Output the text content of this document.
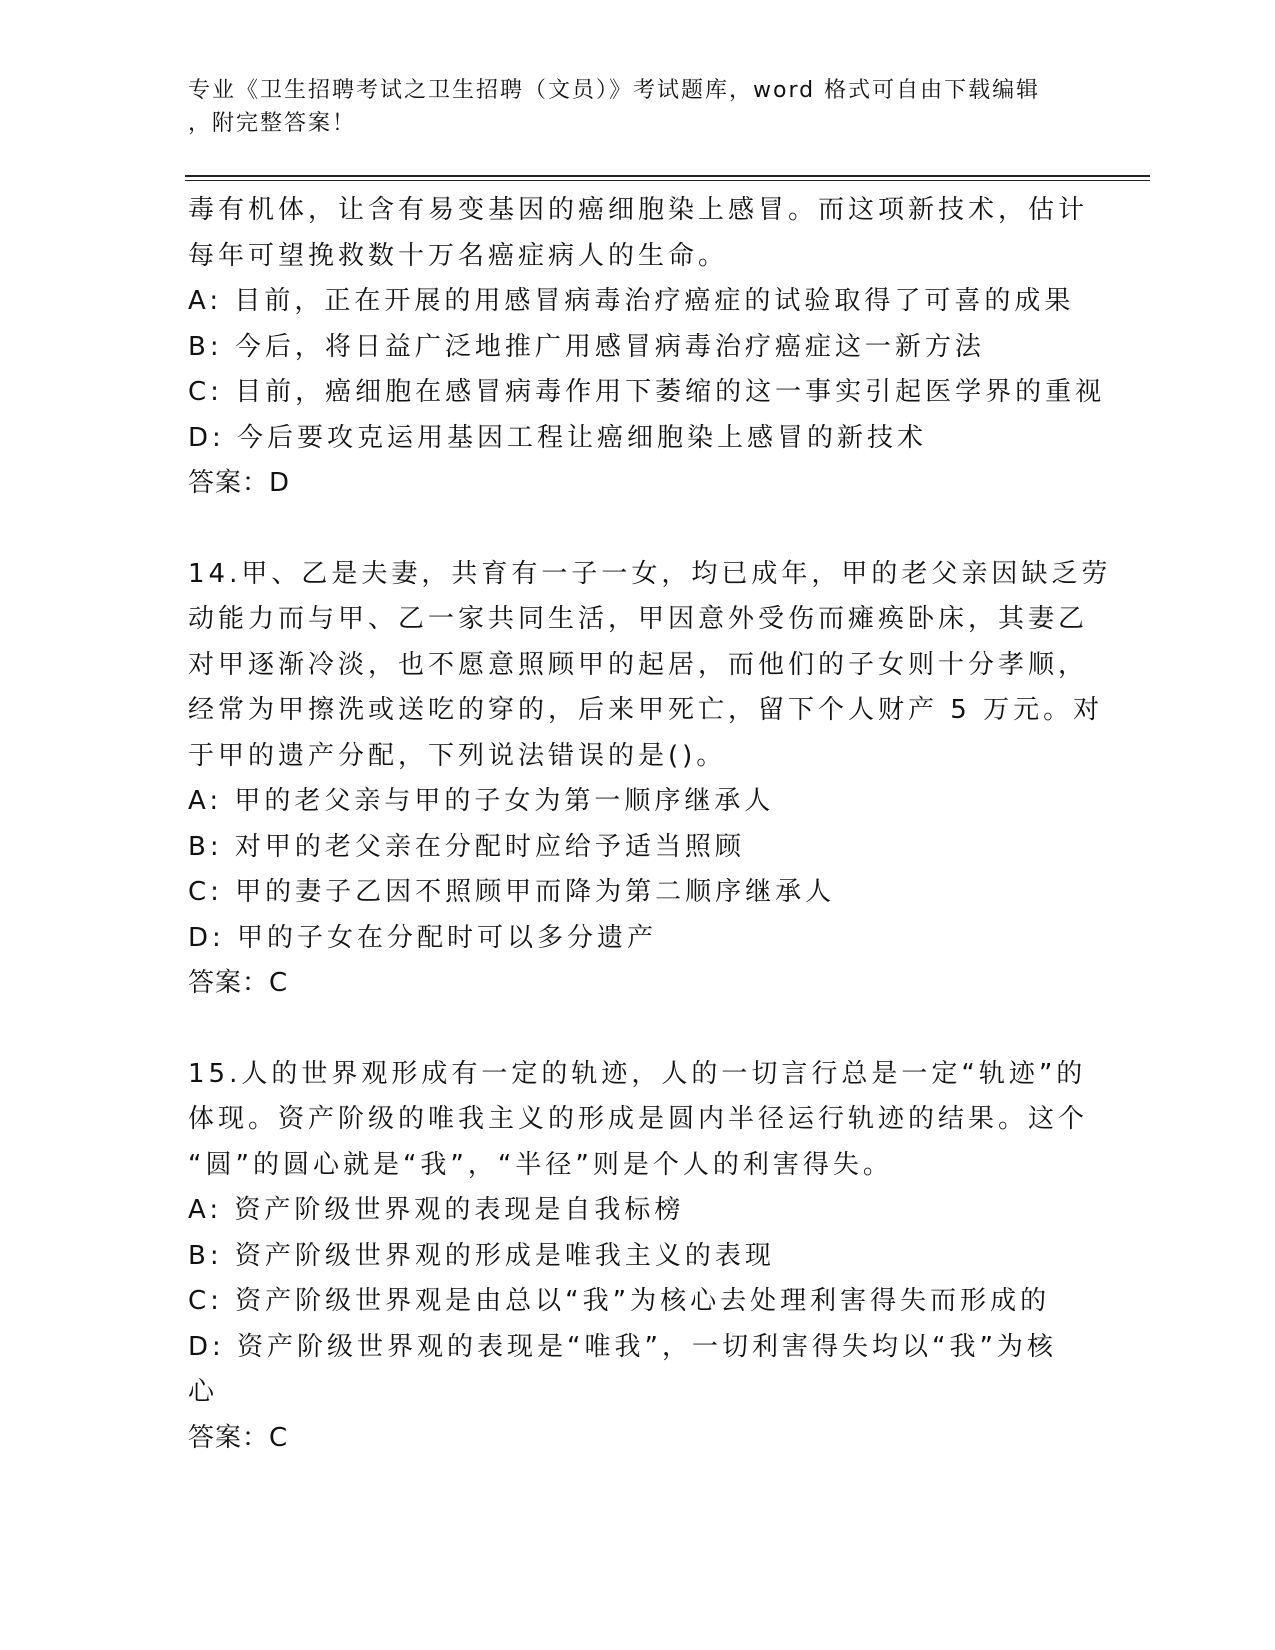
专业《卫生招聘考试之卫生招聘（文员）》考试题库，word 格式可自由下载编辑
，附完整答案！
毒有机体，让含有易变基因的癌细胞染上感冒。而这项新技术，估计
每年可望挽救数十万名癌症病人的生命。
A: 目前，正在开展的用感冒病毒治疗癌症的试验取得了可喜的成果
B: 今后，将日益广泛地推广用感冒病毒治疗癌症这一新方法
C: 目前，癌细胞在感冒病毒作用下萎缩的这一事实引起医学界的重视
D: 今后要攻克运用基因工程让癌细胞染上感冒的新技术
答案：D
14.甲、乙是夫妻，共育有一子一女，均已成年，甲的老父亲因缺乏劳
动能力而与甲、乙一家共同生活，甲因意外受伤而瘫痪卧床，其妻乙
对甲逐渐冷淡，也不愿意照顾甲的起居，而他们的子女则十分孝顺，
经常为甲擦洗或送吃的穿的，后来甲死亡，留下个人财产 5 万元。对
于甲的遗产分配，下列说法错误的是()。
A: 甲的老父亲与甲的子女为第一顺序继承人
B: 对甲的老父亲在分配时应给予适当照顾
C: 甲的妻子乙因不照顾甲而降为第二顺序继承人
D: 甲的子女在分配时可以多分遗产
答案：C
15.人的世界观形成有一定的轨迹，人的一切言行总是一定“轨迹”的
体现。资产阶级的唯我主义的形成是圆内半径运行轨迹的结果。这个
“圆”的圆心就是“我”，“半径”则是个人的利害得失。
A: 资产阶级世界观的表现是自我标榜
B: 资产阶级世界观的形成是唯我主义的表现
C: 资产阶级世界观是由总以“我”为核心去处理利害得失而形成的
D: 资产阶级世界观的表现是“唯我”，一切利害得失均以“我”为核
心
答案：C
